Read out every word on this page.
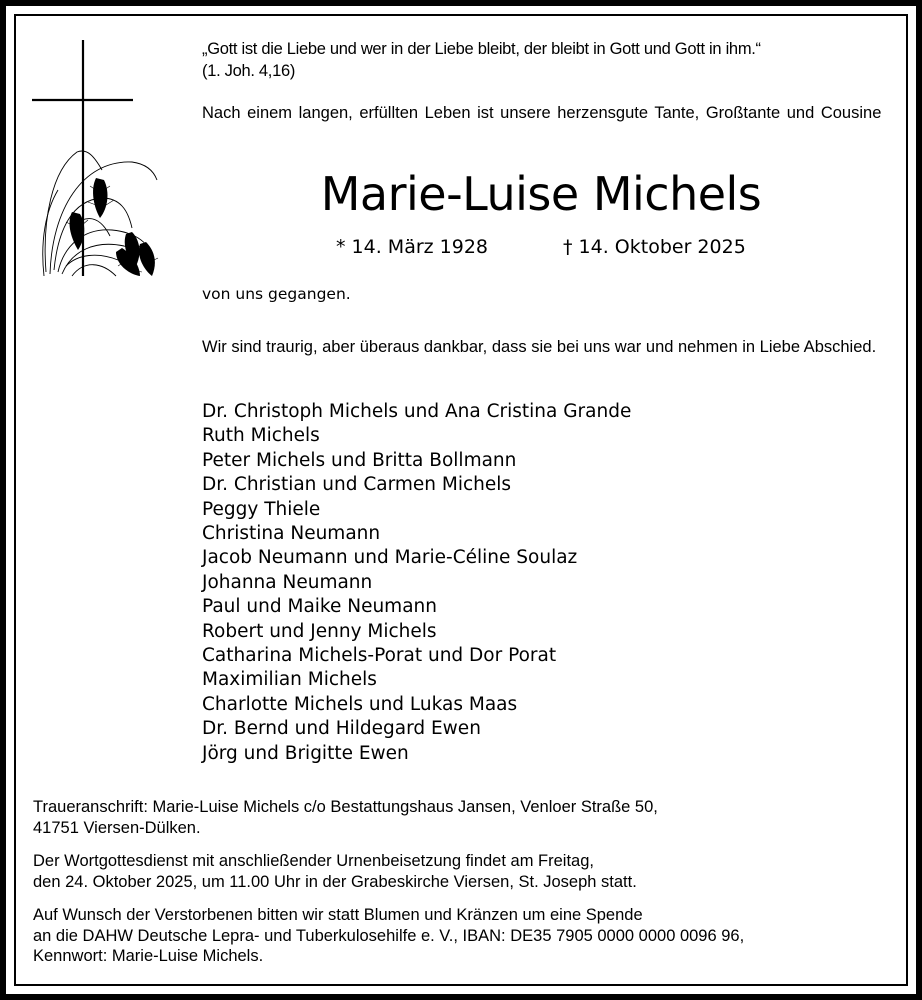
„Gott ist die Liebe und wer in der Liebe bleibt, der bleibt in Gott und Gott in ihm.“
(1. Joh. 4,16)
Nach einem langen, erfüllten Leben ist unsere herzensgute Tante, Großtante und Cousine
Marie-Luise Michels
* 14. März 1928	† 14. Oktober 2025
von uns gegangen.
Wir sind traurig, aber überaus dankbar, dass sie bei uns war und nehmen in Liebe Abschied.
Dr. Christoph Michels und Ana Cristina Grande
Ruth Michels
Peter Michels und Britta Bollmann
Dr. Christian und Carmen Michels
Peggy Thiele
Christina Neumann
Jacob Neumann und Marie-Céline Soulaz
Johanna Neumann
Paul und Maike Neumann
Robert und Jenny Michels
Catharina Michels-Porat und Dor Porat
Maximilian Michels
Charlotte Michels und Lukas Maas
Dr. Bernd und Hildegard Ewen
Jörg und Brigitte Ewen
Traueranschrift: Marie-Luise Michels c/o Bestattungshaus Jansen, Venloer Straße 50,
41751 Viersen-Dülken.
Der Wortgottesdienst mit anschließender Urnenbeisetzung findet am Freitag,
den 24. Oktober 2025, um 11.00 Uhr in der Grabeskirche Viersen, St. Joseph statt.
Auf Wunsch der Verstorbenen bitten wir statt Blumen und Kränzen um eine Spende
an die DAHW Deutsche Lepra- und Tuberkulosehilfe e. V., IBAN: DE35 7905 0000 0000 0096 96,
Kennwort: Marie-Luise Michels.
